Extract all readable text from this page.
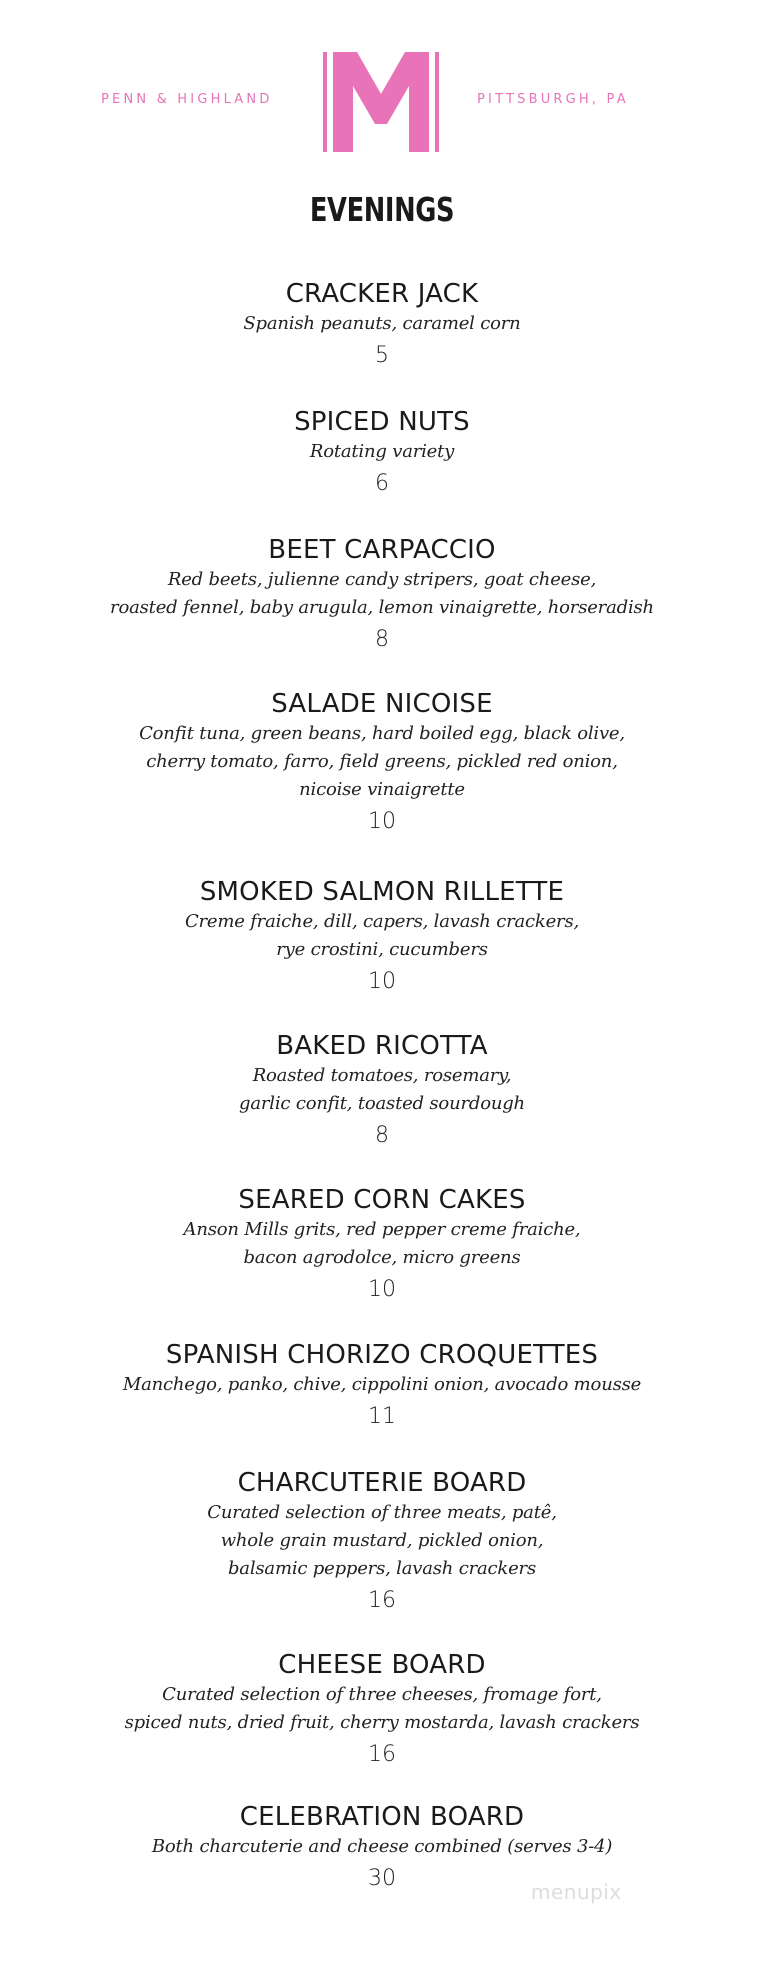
PENN & HIGHLAND	PITTSBURGH, PA
EVENINGS
CRACKER JACK
Spanish peanuts, caramel corn
5
SPICED NUTS
Rotating variety
6
BEET CARPACCIO
Red beets, julienne candy stripers, goat cheese,
roasted fennel, baby arugula, lemon vinaigrette, horseradish
8
SALADE NICOISE
Confit tuna, green beans, hard boiled egg, black olive,
cherry tomato, farro, field greens, pickled red onion,
nicoise vinaigrette
10
SMOKED SALMON RILLETTE
Creme fraiche, dill, capers, lavash crackers,
rye crostini, cucumbers
10
BAKED RICOTTA
Roasted tomatoes, rosemary,
garlic confit, toasted sourdough
8
SEARED CORN CAKES
Anson Mills grits, red pepper creme fraiche,
bacon agrodolce, micro greens
10
SPANISH CHORIZO CROQUETTES
Manchego, panko, chive, cippolini onion, avocado mousse
11
CHARCUTERIE BOARD
Curated selection of three meats, patê,
whole grain mustard, pickled onion,
balsamic peppers, lavash crackers
16
CHEESE BOARD
Curated selection of three cheeses, fromage fort,
spiced nuts, dried fruit, cherry mostarda, lavash crackers
16
CELEBRATION BOARD
Both charcuterie and cheese combined (serves 3-4)
30
menupix
